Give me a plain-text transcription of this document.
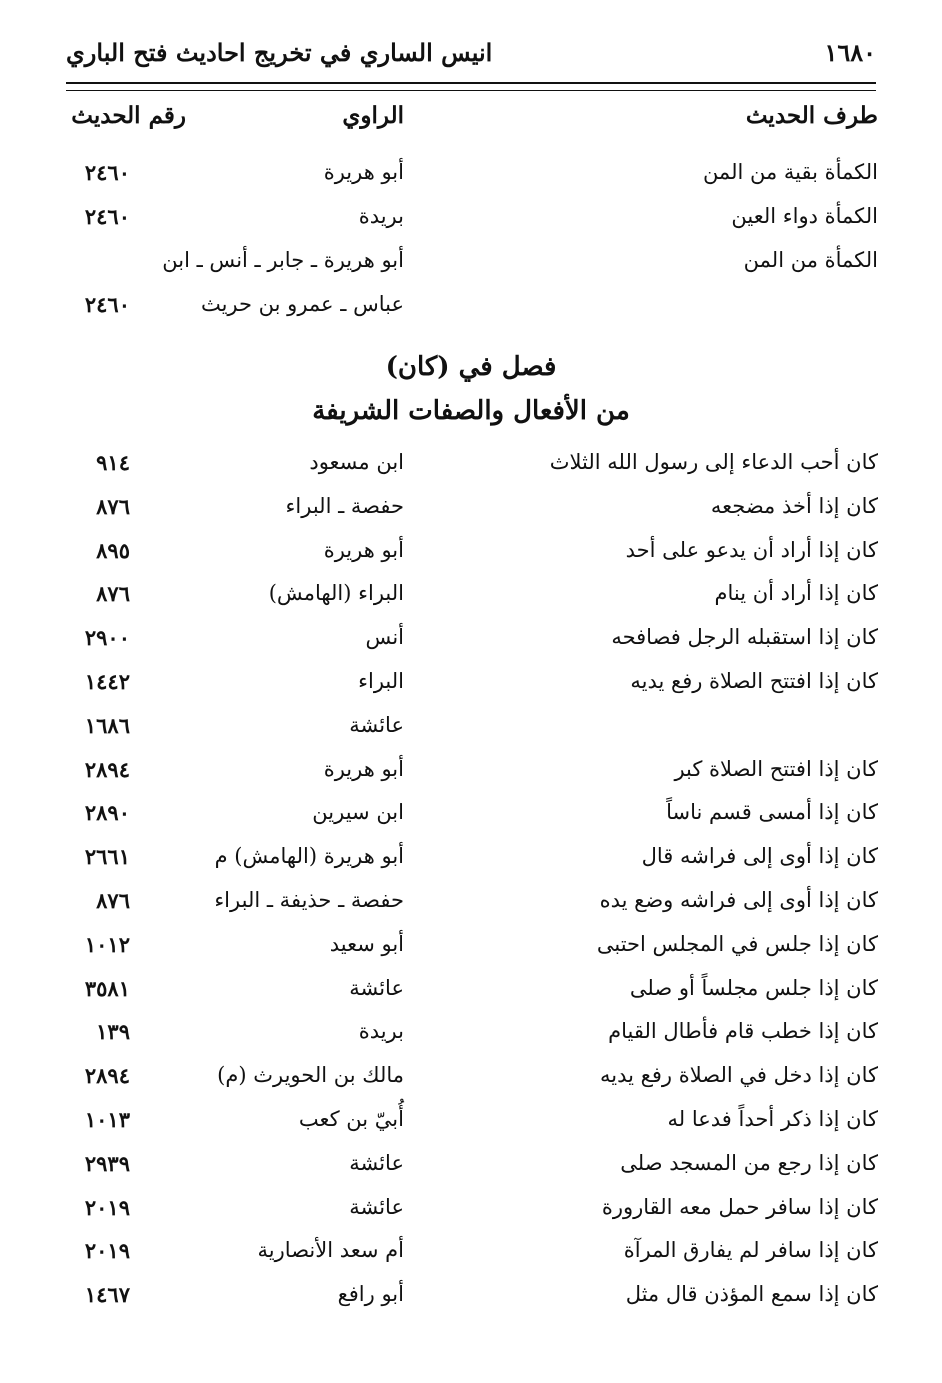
١٦٨٠
انيس الساري في تخريج احاديث فتح الباري
طرف الحديث
الراوي
رقم الحديث
الكمأة بقية من المن
أبو هريرة
٢٤٦٠
الكمأة دواء العين
بريدة
٢٤٦٠
الكمأة من المن
أبو هريرة ـ جابر ـ أنس ـ ابن
عباس ـ عمرو بن حريث
٢٤٦٠
فصل في (كان)
من الأفعال والصفات الشريفة
كان أحب الدعاء إلى رسول الله الثلاث
ابن مسعود
٩١٤
كان إذا أخذ مضجعه
حفصة ـ البراء
٨٧٦
كان إذا أراد أن يدعو على أحد
أبو هريرة
٨٩٥
كان إذا أراد أن ينام
البراء (الهامش)
٨٧٦
كان إذا استقبله الرجل فصافحه
أنس
٢٩٠٠
كان إذا افتتح الصلاة رفع يديه
البراء
١٤٤٢
عائشة
١٦٨٦
كان إذا افتتح الصلاة كبر
أبو هريرة
٢٨٩٤
كان إذا أمسى قسم ناساً
ابن سيرين
٢٨٩٠
كان إذا أوى إلى فراشه قال
أبو هريرة (الهامش) م
٢٦٦١
كان إذا أوى إلى فراشه وضع يده
حفصة ـ حذيفة ـ البراء
٨٧٦
كان إذا جلس في المجلس احتبى
أبو سعيد
١٠١٢
كان إذا جلس مجلساً أو صلى
عائشة
٣٥٨١
كان إذا خطب قام فأطال القيام
بريدة
١٣٩
كان إذا دخل في الصلاة رفع يديه
مالك بن الحويرث (م)
٢٨٩٤
كان إذا ذكر أحداً فدعا له
أُبيّ بن كعب
١٠١٣
كان إذا رجع من المسجد صلى
عائشة
٢٩٣٩
كان إذا سافر حمل معه القارورة
عائشة
٢٠١٩
كان إذا سافر لم يفارق المرآة
أم سعد الأنصارية
٢٠١٩
كان إذا سمع المؤذن قال مثل
أبو رافع
١٤٦٧
